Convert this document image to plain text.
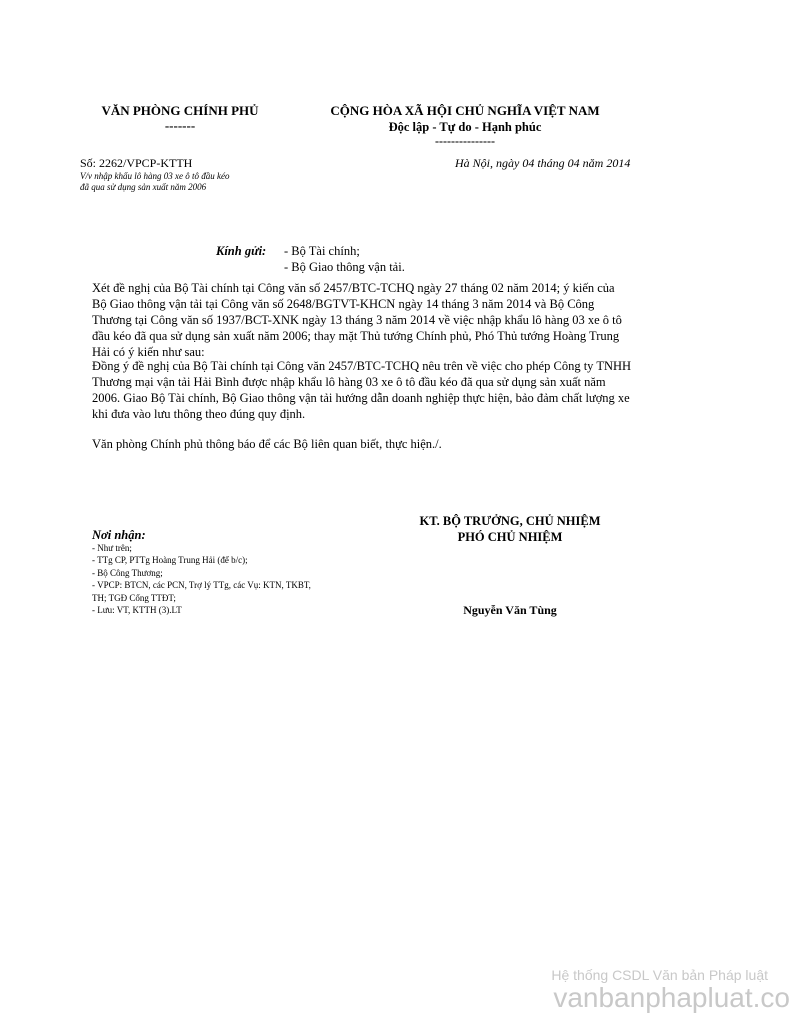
VĂN PHÒNG CHÍNH PHỦ
-------
CỘNG HÒA XÃ HỘI CHỦ NGHĨA VIỆT NAM
Độc lập - Tự do - Hạnh phúc
---------------
Số: 2262/VPCP-KTTH
V/v nhập khẩu lô hàng 03 xe ô tô đầu kéo
đã qua sử dụng sản xuất năm 2006
Hà Nội, ngày 04 tháng 04 năm 2014
Kính gửi:	- Bộ Tài chính;
- Bộ Giao thông vận tải.
Xét đề nghị của Bộ Tài chính tại Công văn số 2457/BTC-TCHQ ngày 27 tháng 02 năm 2014; ý kiến của Bộ Giao thông vận tải tại Công văn số 2648/BGTVT-KHCN ngày 14 tháng 3 năm 2014 và Bộ Công Thương tại Công văn số 1937/BCT-XNK ngày 13 tháng 3 năm 2014 về việc nhập khẩu lô hàng 03 xe ô tô đầu kéo đã qua sử dụng sản xuất năm 2006; thay mặt Thủ tướng Chính phủ, Phó Thủ tướng Hoàng Trung Hải có ý kiến như sau:
Đồng ý đề nghị của Bộ Tài chính tại Công văn 2457/BTC-TCHQ nêu trên về việc cho phép Công ty TNHH Thương mại vận tải Hải Bình được nhập khẩu lô hàng 03 xe ô tô đầu kéo đã qua sử dụng sản xuất năm 2006. Giao Bộ Tài chính, Bộ Giao thông vận tải hướng dẫn doanh nghiệp thực hiện, bảo đảm chất lượng xe khi đưa vào lưu thông theo đúng quy định.
Văn phòng Chính phủ thông báo để các Bộ liên quan biết, thực hiện./.
Nơi nhận:
- Như trên;
- TTg CP, PTTg Hoàng Trung Hải (để b/c);
- Bộ Công Thương;
- VPCP: BTCN, các PCN, Trợ lý TTg, các Vụ: KTN, TKBT,
TH; TGĐ Cổng TTĐT;
- Lưu: VT, KTTH (3).LT
KT. BỘ TRƯỞNG, CHỦ NHIỆM
PHÓ CHỦ NHIỆM
Nguyễn Văn Tùng
Hệ thống CSDL Văn bản Pháp luật
vanbanphapluat.co
